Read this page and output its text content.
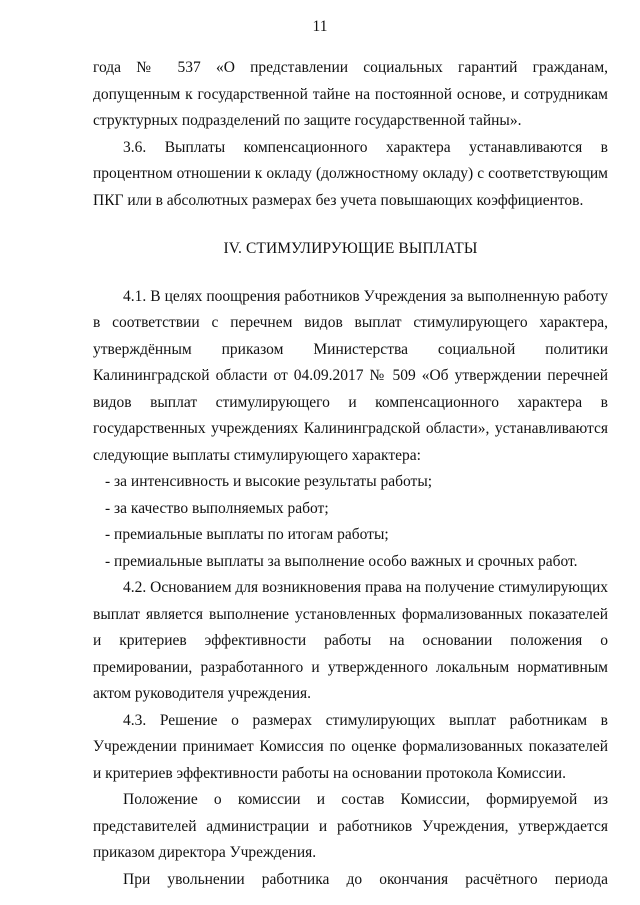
11

года № 537 «О представлении социальных гарантий гражданам, допущенным к государственной тайне на постоянной основе, и сотрудникам структурных подразделений по защите государственной тайны».

3.6. Выплаты компенсационного характера устанавливаются в процентном отношении к окладу (должностному окладу) с соответствующим ПКГ или в абсолютных размерах без учета повышающих коэффициентов.

IV. СТИМУЛИРУЮЩИЕ ВЫПЛАТЫ

4.1. В целях поощрения работников Учреждения за выполненную работу в соответствии с перечнем видов выплат стимулирующего характера, утверждённым приказом Министерства социальной политики Калининградской области от 04.09.2017 № 509 «Об утверждении перечней видов выплат стимулирующего и компенсационного характера в государственных учреждениях Калининградской области», устанавливаются следующие выплаты стимулирующего характера:

- за интенсивность и высокие результаты работы;

- за качество выполняемых работ;

- премиальные выплаты по итогам работы;

- премиальные выплаты за выполнение особо важных и срочных работ.

4.2. Основанием для возникновения права на получение стимулирующих выплат является выполнение установленных формализованных показателей и критериев эффективности работы на основании положения о премировании, разработанного и утвержденного локальным нормативным актом руководителя учреждения.

4.3. Решение о размерах стимулирующих выплат работникам в Учреждении принимает Комиссия по оценке формализованных показателей и критериев эффективности работы на основании протокола Комиссии.

Положение о комиссии и состав Комиссии, формируемой из представителей администрации и работников Учреждения, утверждается приказом директора Учреждения.

При увольнении работника до окончания расчётного периода
